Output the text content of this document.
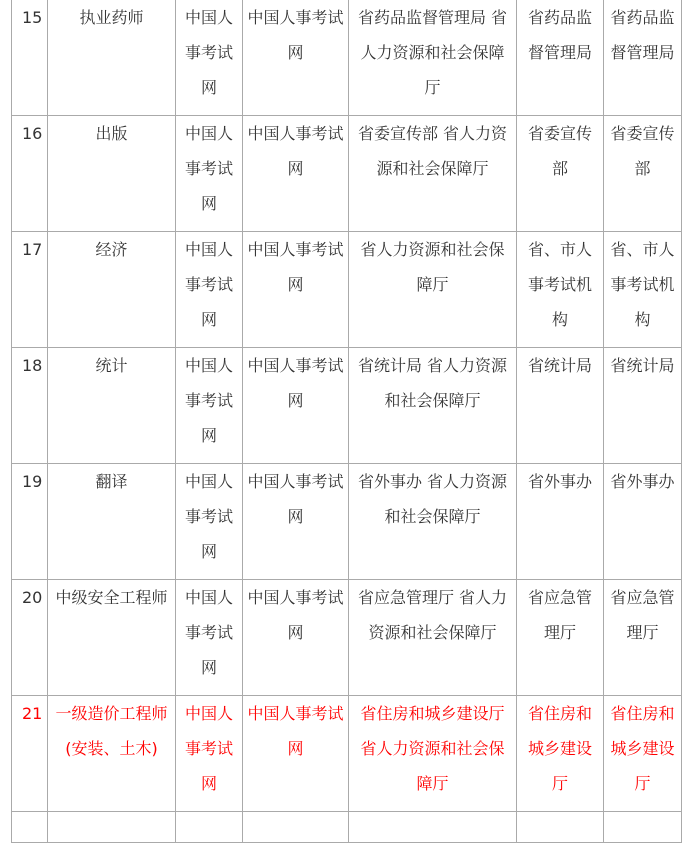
15	执业药师	中国人事考试网	中国人事考试网	省药品监督管理局 省人力资源和社会保障厅	省药品监督管理局	省药品监督管理局
16	出版	中国人事考试网	中国人事考试网	省委宣传部 省人力资源和社会保障厅	省委宣传部	省委宣传部
17	经济	中国人事考试网	中国人事考试网	省人力资源和社会保障厅	省、市人事考试机构	省、市人事考试机构
18	统计	中国人事考试网	中国人事考试网	省统计局 省人力资源和社会保障厅	省统计局	省统计局
19	翻译	中国人事考试网	中国人事考试网	省外事办 省人力资源和社会保障厅	省外事办	省外事办
20	中级安全工程师	中国人事考试网	中国人事考试网	省应急管理厅 省人力资源和社会保障厅	省应急管理厅	省应急管理厅
21	一级造价工程师(安装、土木)	中国人事考试网	中国人事考试网	省住房和城乡建设厅 省人力资源和社会保障厅	省住房和城乡建设厅	省住房和城乡建设厅
